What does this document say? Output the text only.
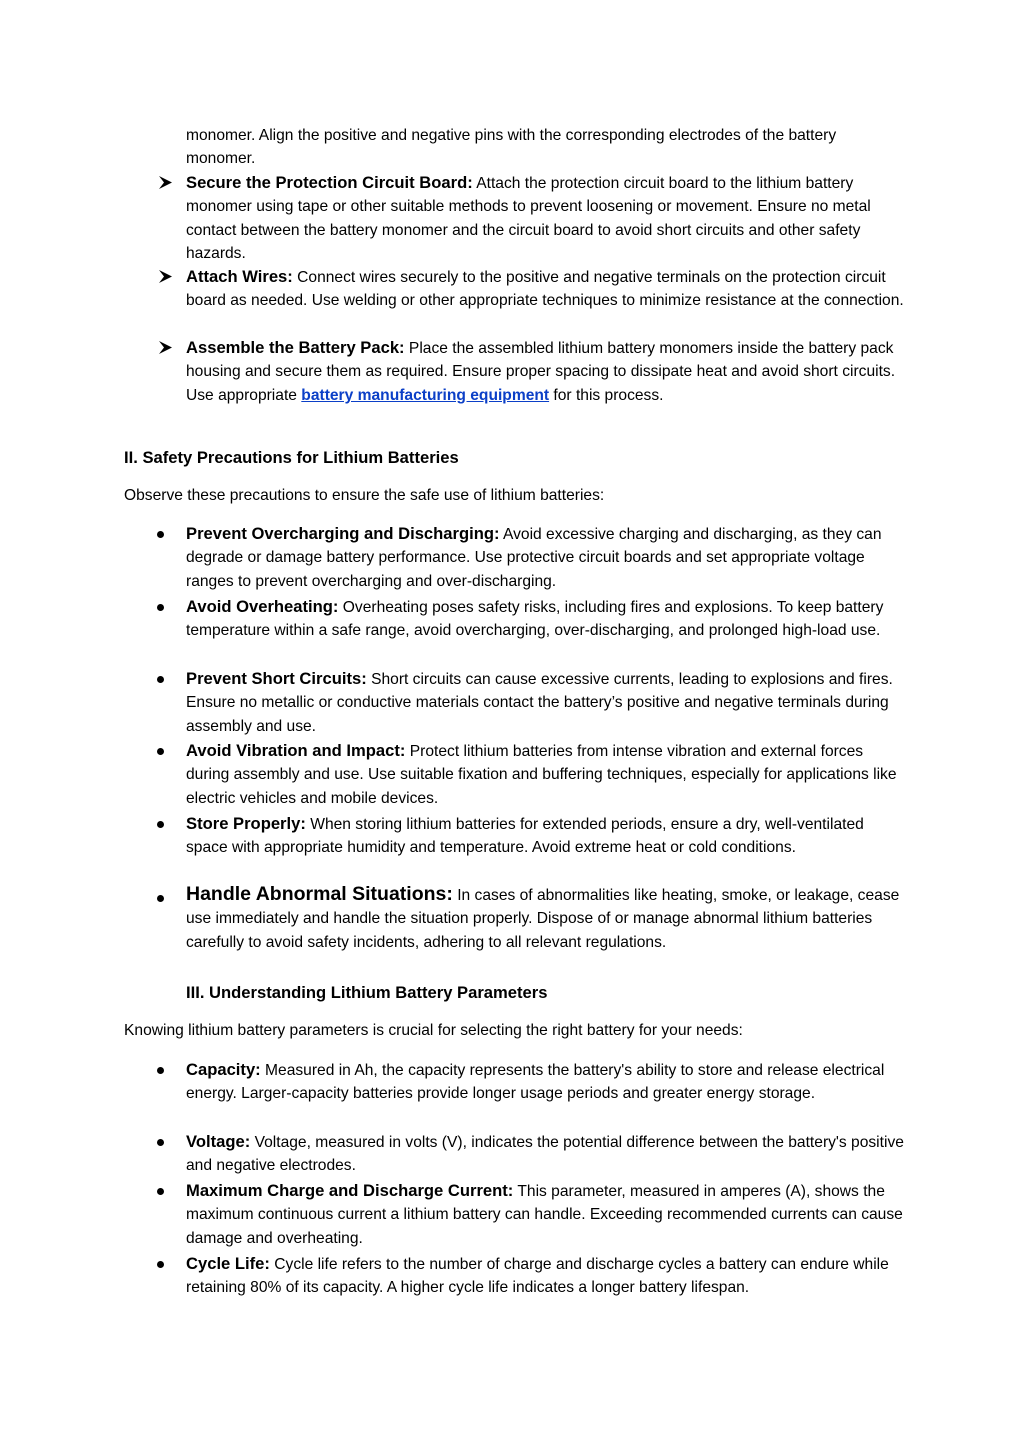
monomer. Align the positive and negative pins with the corresponding electrodes of the battery monomer.
Secure the Protection Circuit Board: Attach the protection circuit board to the lithium battery monomer using tape or other suitable methods to prevent loosening or movement. Ensure no metal contact between the battery monomer and the circuit board to avoid short circuits and other safety hazards.
Attach Wires: Connect wires securely to the positive and negative terminals on the protection circuit board as needed. Use welding or other appropriate techniques to minimize resistance at the connection.
Assemble the Battery Pack: Place the assembled lithium battery monomers inside the battery pack housing and secure them as required. Ensure proper spacing to dissipate heat and avoid short circuits. Use appropriate battery manufacturing equipment for this process.
II. Safety Precautions for Lithium Batteries
Observe these precautions to ensure the safe use of lithium batteries:
Prevent Overcharging and Discharging: Avoid excessive charging and discharging, as they can degrade or damage battery performance. Use protective circuit boards and set appropriate voltage ranges to prevent overcharging and over-discharging.
Avoid Overheating: Overheating poses safety risks, including fires and explosions. To keep battery temperature within a safe range, avoid overcharging, over-discharging, and prolonged high-load use.
Prevent Short Circuits: Short circuits can cause excessive currents, leading to explosions and fires. Ensure no metallic or conductive materials contact the battery’s positive and negative terminals during assembly and use.
Avoid Vibration and Impact: Protect lithium batteries from intense vibration and external forces during assembly and use. Use suitable fixation and buffering techniques, especially for applications like electric vehicles and mobile devices.
Store Properly: When storing lithium batteries for extended periods, ensure a dry, well-ventilated space with appropriate humidity and temperature. Avoid extreme heat or cold conditions.
Handle Abnormal Situations: In cases of abnormalities like heating, smoke, or leakage, cease use immediately and handle the situation properly. Dispose of or manage abnormal lithium batteries carefully to avoid safety incidents, adhering to all relevant regulations.
III. Understanding Lithium Battery Parameters
Knowing lithium battery parameters is crucial for selecting the right battery for your needs:
Capacity: Measured in Ah, the capacity represents the battery's ability to store and release electrical energy. Larger-capacity batteries provide longer usage periods and greater energy storage.
Voltage: Voltage, measured in volts (V), indicates the potential difference between the battery's positive and negative electrodes.
Maximum Charge and Discharge Current: This parameter, measured in amperes (A), shows the maximum continuous current a lithium battery can handle. Exceeding recommended currents can cause damage and overheating.
Cycle Life: Cycle life refers to the number of charge and discharge cycles a battery can endure while retaining 80% of its capacity. A higher cycle life indicates a longer battery lifespan.
